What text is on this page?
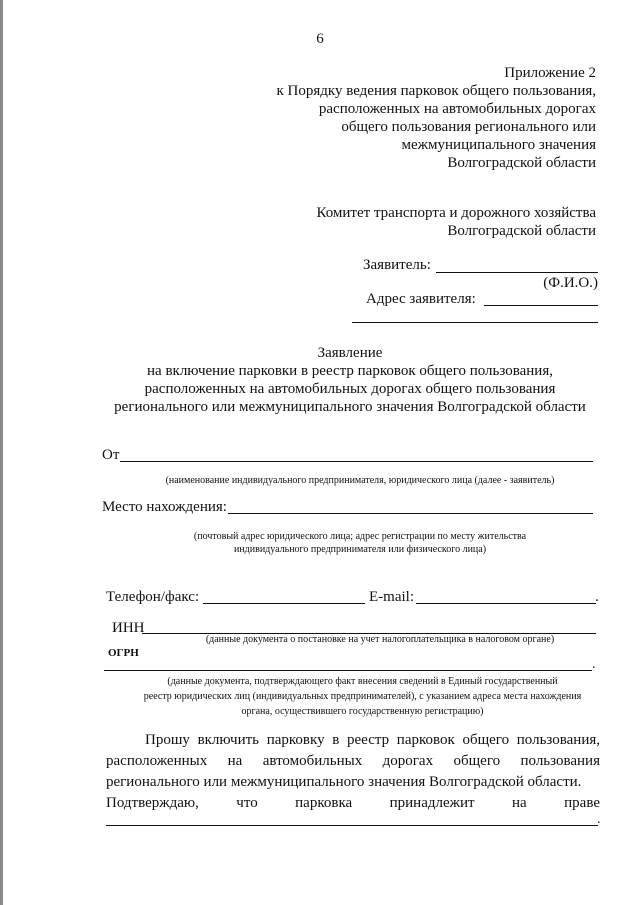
6
Приложение 2
к Порядку ведения парковок общего пользования,
расположенных на автомобильных дорогах
общего пользования регионального или
межмуниципального значения
Волгоградской области
Комитет транспорта и дорожного хозяйства
Волгоградской области
Заявитель:
(Ф.И.О.)
Адрес заявителя:
Заявление
на включение парковки в реестр парковок общего пользования,
расположенных на автомобильных дорогах общего пользования
регионального или межмуниципального значения Волгоградской области
От
(наименование индивидуального предпринимателя, юридического лица (далее - заявитель)
Место нахождения:
(почтовый адрес юридического лица; адрес регистрации по месту жительства
индивидуального предпринимателя или физического лица)
Телефон/факс:	E-mail:	.
ИНН
(данные документа о постановке на учет налогоплательщика в налоговом органе)
ОГРН
.
(данные документа, подтверждающего факт внесения сведений в Единый государственный
реестр юридических лиц (индивидуальных предпринимателей), с указанием адреса места нахождения
органа, осуществившего государственную регистрацию)
Прошу включить парковку в реестр парковок общего пользования,
расположенных на автомобильных дорогах общего пользования
регионального или межмуниципального значения Волгоградской области.
Подтверждаю, что парковка принадлежит на праве
.
